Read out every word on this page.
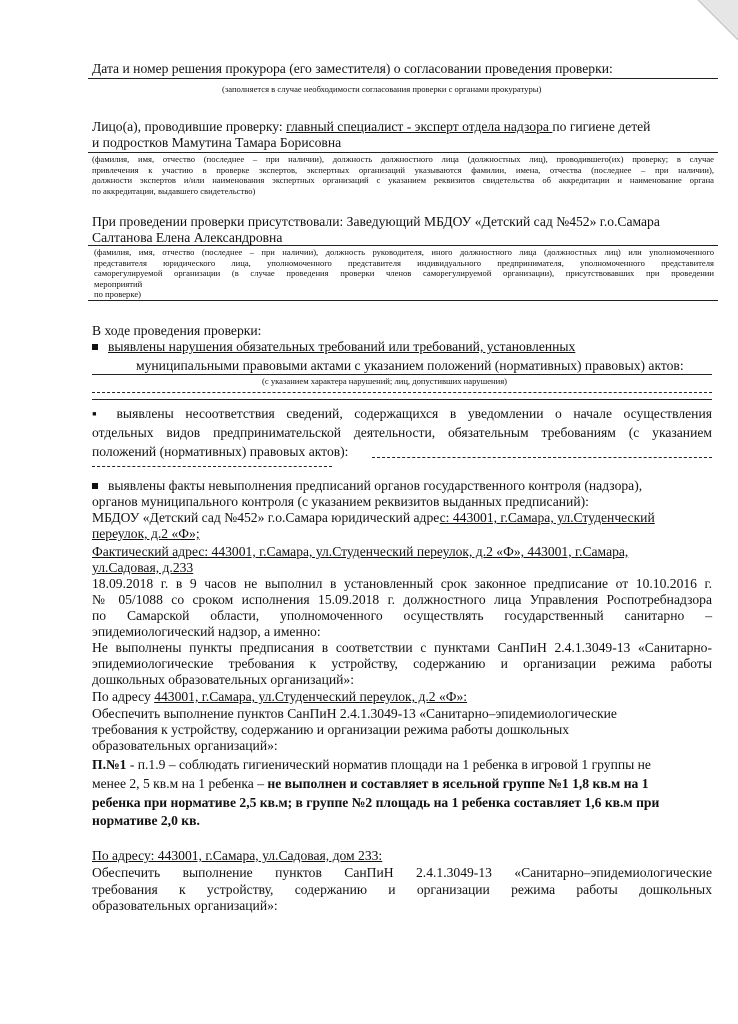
Дата и номер решения прокурора (его заместителя) о согласовании проведения проверки:
(заполняется в случае необходимости согласования проверки с органами прокуратуры)
Лицо(а), проводившие проверку: главный специалист - эксперт отдела надзора по гигиене детей
и подростков Мамутина Тамара Борисовна
(фамилия, имя, отчество (последнее – при наличии), должность должностного лица (должностных лиц), проводившего(их) проверку; в случае
привлечения к участию в проверке экспертов, экспертных организаций указываются фамилии, имена, отчества (последнее – при наличии),
должности экспертов и/или наименования экспертных организаций с указанием реквизитов свидетельства об аккредитации и наименование органа
по аккредитации, выдавшего свидетельство)
При проведении проверки присутствовали: Заведующий МБДОУ «Детский сад №452» г.о.Самара
Салтанова Елена Александровна
(фамилия, имя, отчество (последнее – при наличии), должность руководителя, иного должностного лица (должностных лиц) или уполномоченного
представителя юридического лица, уполномоченного представителя индивидуального предпринимателя, уполномоченного представителя
саморегулируемой организации (в случае проведения проверки членов саморегулируемой организации), присутствовавших при проведении
мероприятий
по проверке)
В ходе проведения проверки:
выявлены нарушения обязательных требований или требований, установленных
муниципальными правовыми актами с указанием положений (нормативных) правовых) актов:
(с указанием характера нарушений; лиц, допустивших нарушения)
▪ выявлены несоответствия сведений, содержащихся в уведомлении о начале осуществления
отдельных видов предпринимательской деятельности, обязательным требованиям (с указанием
положений (нормативных) правовых актов):
выявлены факты невыполнения предписаний органов государственного контроля (надзора),
органов муниципального контроля (с указанием реквизитов выданных предписаний):
МБДОУ «Детский сад №452» г.о.Самара юридический адрес: 443001, г.Самара, ул.Студенческий
переулок, д.2 «Ф»;
Фактический адрес: 443001, г.Самара, ул.Студенческий переулок, д.2 «Ф», 443001, г.Самара,
ул.Садовая, д.233
18.09.2018 г. в 9 часов не выполнил в установленный срок законное предписание от 10.10.2016 г.
№ 05/1088 со сроком исполнения 15.09.2018 г. должностного лица Управления Роспотребнадзора
по Самарской области, уполномоченного осуществлять государственный санитарно –
эпидемиологический надзор, а именно:
Не выполнены пункты предписания в соответствии с пунктами СанПиН 2.4.1.3049-13 «Санитарно-
эпидемиологические требования к устройству, содержанию и организации режима работы
дошкольных образовательных организаций»:
По адресу 443001, г.Самара, ул.Студенческий переулок, д.2 «Ф»:
Обеспечить выполнение пунктов СанПиН 2.4.1.3049-13 «Санитарно–эпидемиологические
требования к устройству, содержанию и организации режима работы дошкольных
образовательных организаций»:
П.№1 - п.1.9 – соблюдать гигиенический норматив площади на 1 ребенка в игровой 1 группы не
менее 2, 5 кв.м на 1 ребенка – не выполнен и составляет в ясельной группе №1 1,8 кв.м на 1
ребенка при нормативе 2,5 кв.м; в группе №2 площадь на 1 ребенка составляет 1,6 кв.м при
нормативе 2,0 кв.
По адресу: 443001, г.Самара, ул.Садовая, дом 233:
Обеспечить выполнение пунктов СанПиН 2.4.1.3049-13 «Санитарно–эпидемиологические
требования к устройству, содержанию и организации режима работы дошкольных
образовательных организаций»:
